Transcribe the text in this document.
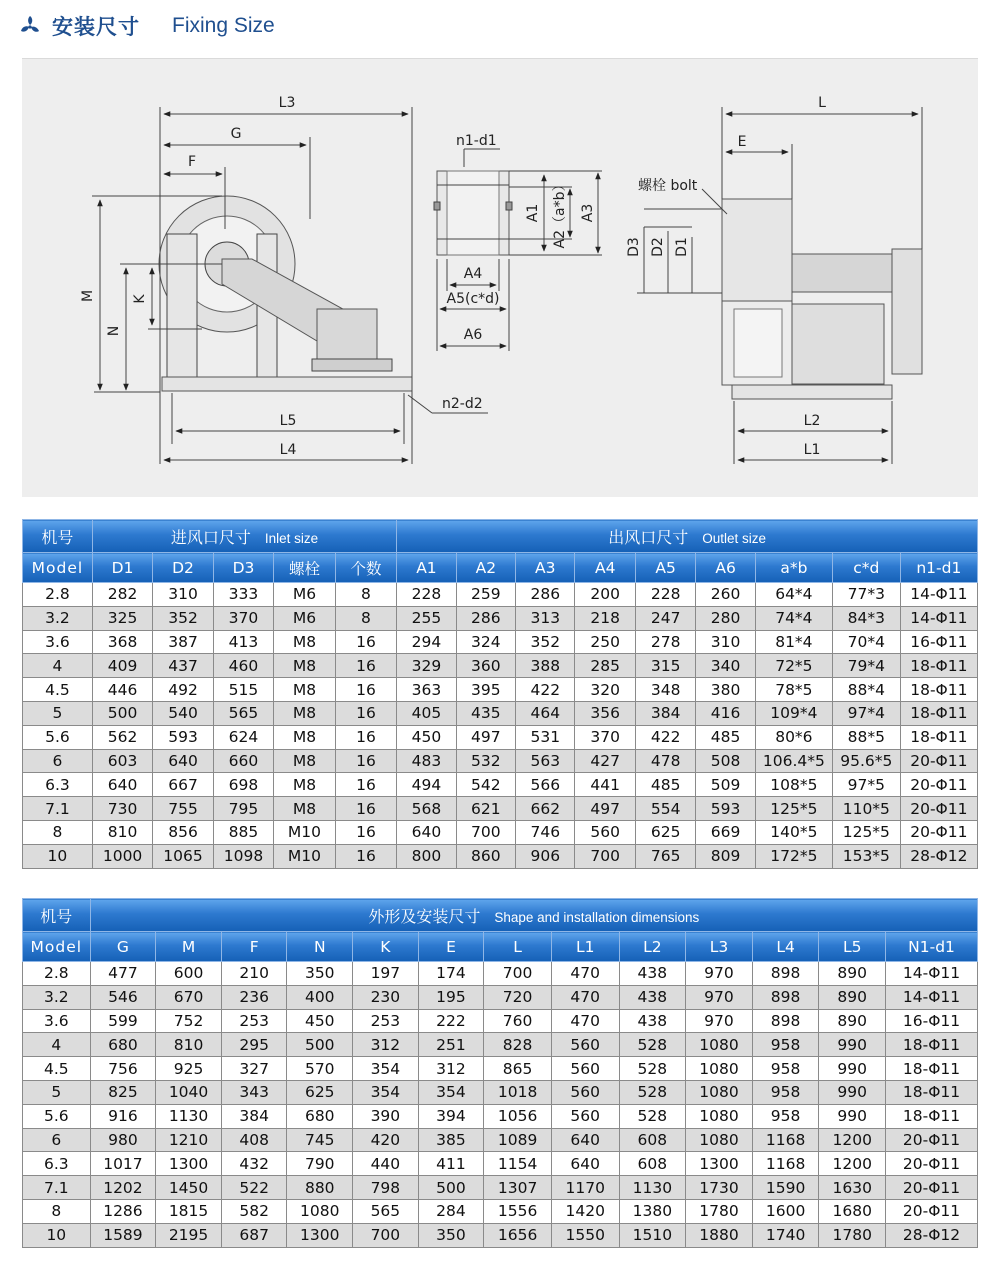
安装尺寸 Fixing Size
L3
G
F
M
N
K
L5
L4
n2-d2
n1-d1
A1 A2（a*b） A3
A4
A5(c*d)
A6
L
E
螺栓 bolt
D3 D2 D1
L2
L1
机号	进风口尺寸 Inlet size					出风口尺寸 Outlet size								
Model	D1	D2	D3	螺栓	个数	A1	A2	A3	A4	A5	A6	a*b	c*d	n1-d1
2.8	282	310	333	M6	8	228	259	286	200	228	260	64*4	77*3	14-Φ11
3.2	325	352	370	M6	8	255	286	313	218	247	280	74*4	84*3	14-Φ11
3.6	368	387	413	M8	16	294	324	352	250	278	310	81*4	70*4	16-Φ11
4	409	437	460	M8	16	329	360	388	285	315	340	72*5	79*4	18-Φ11
4.5	446	492	515	M8	16	363	395	422	320	348	380	78*5	88*4	18-Φ11
5	500	540	565	M8	16	405	435	464	356	384	416	109*4	97*4	18-Φ11
5.6	562	593	624	M8	16	450	497	531	370	422	485	80*6	88*5	18-Φ11
6	603	640	660	M8	16	483	532	563	427	478	508	106.4*5	95.6*5	20-Φ11
6.3	640	667	698	M8	16	494	542	566	441	485	509	108*5	97*5	20-Φ11
7.1	730	755	795	M8	16	568	621	662	497	554	593	125*5	110*5	20-Φ11
8	810	856	885	M10	16	640	700	746	560	625	669	140*5	125*5	20-Φ11
10	1000	1065	1098	M10	16	800	860	906	700	765	809	172*5	153*5	28-Φ12
机号	外形及安装尺寸 Shape and installation dimensions												
Model	G	M	F	N	K	E	L	L1	L2	L3	L4	L5	N1-d1
2.8	477	600	210	350	197	174	700	470	438	970	898	890	14-Φ11
3.2	546	670	236	400	230	195	720	470	438	970	898	890	14-Φ11
3.6	599	752	253	450	253	222	760	470	438	970	898	890	16-Φ11
4	680	810	295	500	312	251	828	560	528	1080	958	990	18-Φ11
4.5	756	925	327	570	354	312	865	560	528	1080	958	990	18-Φ11
5	825	1040	343	625	354	354	1018	560	528	1080	958	990	18-Φ11
5.6	916	1130	384	680	390	394	1056	560	528	1080	958	990	18-Φ11
6	980	1210	408	745	420	385	1089	640	608	1080	1168	1200	20-Φ11
6.3	1017	1300	432	790	440	411	1154	640	608	1300	1168	1200	20-Φ11
7.1	1202	1450	522	880	798	500	1307	1170	1130	1730	1590	1630	20-Φ11
8	1286	1815	582	1080	565	284	1556	1420	1380	1780	1600	1680	20-Φ11
10	1589	2195	687	1300	700	350	1656	1550	1510	1880	1740	1780	28-Φ12
